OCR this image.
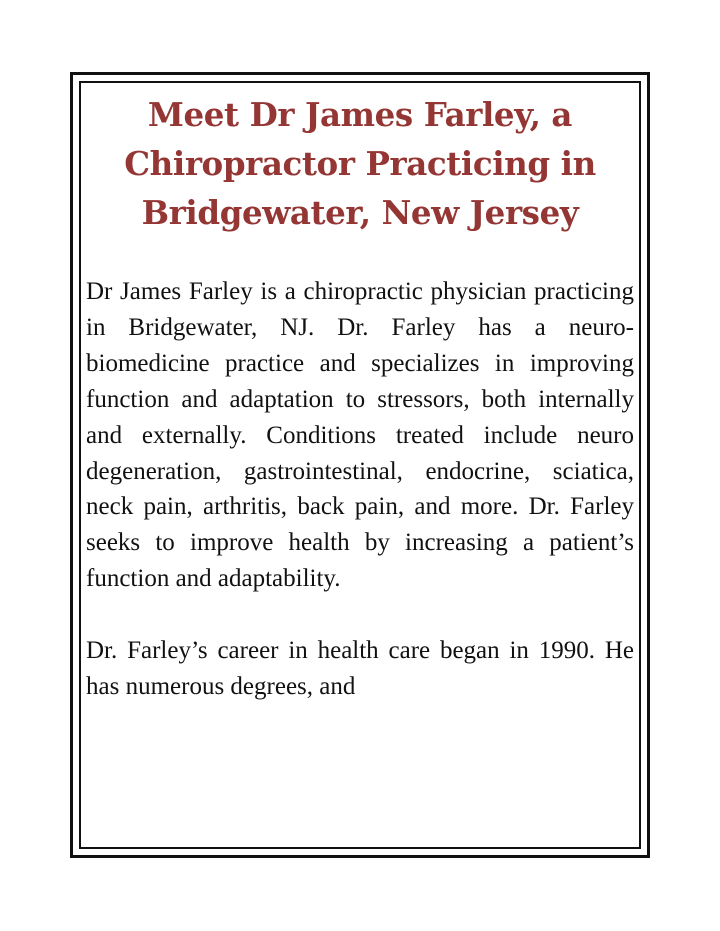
Meet Dr James Farley, a Chiropractor Practicing in Bridgewater, New Jersey

Dr James Farley is a chiropractic physician practicing in Bridgewater, NJ. Dr. Farley has a neuro-biomedicine practice and specializes in improving function and adaptation to stressors, both internally and externally. Conditions treated include neuro degeneration, gastrointestinal, endocrine, sciatica, neck pain, arthritis, back pain, and more. Dr. Farley seeks to improve health by increasing a patient’s function and adaptability.

Dr. Farley’s career in health care began in 1990. He has numerous degrees, and
